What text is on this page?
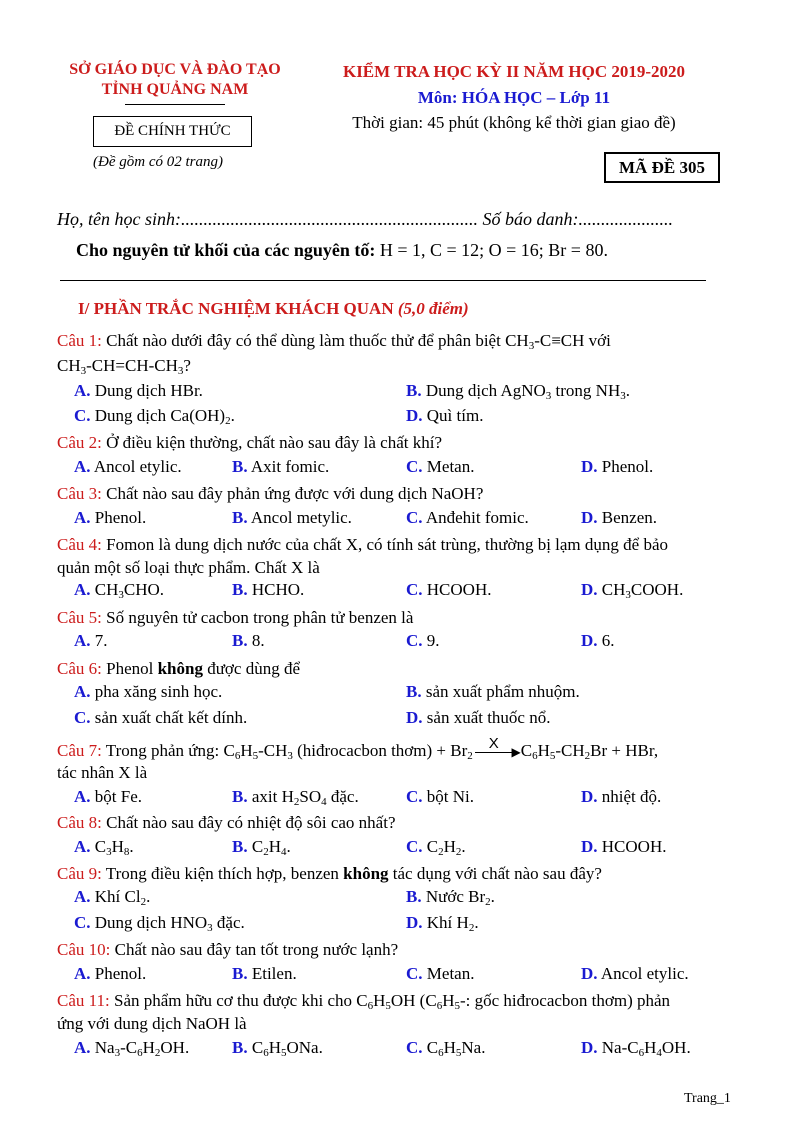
SỞ GIÁO DỤC VÀ ĐÀO TẠO
TỈNH QUẢNG NAM
ĐỀ CHÍNH THỨC
(Đề gồm có 02 trang)
KIỂM TRA HỌC KỲ II NĂM HỌC 2019-2020
Môn: HÓA HỌC – Lớp 11
Thời gian: 45 phút (không kể thời gian giao đề)
MÃ ĐỀ 305
Họ, tên học sinh:.................................................................. Số báo danh:.....................
Cho nguyên tử khối của các nguyên tố: H = 1, C = 12; O = 16; Br = 80.
I/ PHẦN TRẮC NGHIỆM KHÁCH QUAN (5,0 điểm)
Câu 1: Chất nào dưới đây có thể dùng làm thuốc thử để phân biệt $CH_3-C\equiv CH$ với
$CH_3-CH=CH-CH_3$?
A. Dung dịch HBr.	B. Dung dịch AgNO$_3$ trong $NH_3$.
C. Dung dịch $Ca(OH)_2$.	D. Quì tím.
Câu 2: Ở điều kiện thường, chất nào sau đây là chất khí?
A. Ancol etylic.	B. Axit fomic.	C. Metan.	D. Phenol.
Câu 3: Chất nào sau đây phản ứng được với dung dịch NaOH?
A. Phenol.	B. Ancol metylic.	C. Anđehit fomic.	D. Benzen.
Câu 4: Fomon là dung dịch nước của chất X, có tính sát trùng, thường bị lạm dụng để bảo
quản một số loại thực phẩm. Chất X là
A. $CH_3CHO$.	B. HCHO.	C. HCOOH.	D. $CH_3COOH$.
Câu 5: Số nguyên tử cacbon trong phân tử benzen là
A. 7.	B. 8.	C. 9.	D. 6.
Câu 6: Phenol không được dùng để
A. pha xăng sinh học.	B. sản xuất phẩm nhuộm.
C. sản xuất chất kết dính.	D. sản xuất thuốc nổ.
Câu 7: Trong phản ứng: $C_6H_5-CH_3$ (hiđrocacbon thơm) + $Br_2$
X ▶ $C_6H_5-CH_2Br$ + HBr,
tác nhân X là
A. bột Fe.	B. axit $H_2SO_4$ đặc.	C. bột Ni.	D. nhiệt độ.
Câu 8: Chất nào sau đây có nhiệt độ sôi cao nhất?
A. $C_3H_8$.	B. $C_2H_4$.	C. $C_2H_2$.	D. HCOOH.
Câu 9: Trong điều kiện thích hợp, benzen không tác dụng với chất nào sau đây?
A. Khí $Cl_2$.	B. Nước $Br_2$.
C. Dung dịch $HNO_3$ đặc.	D. Khí $H_2$.
Câu 10: Chất nào sau đây tan tốt trong nước lạnh?
A. Phenol.	B. Etilen.	C. Metan.	D. Ancol etylic.
Câu 11: Sản phẩm hữu cơ thu được khi cho $C_6H_5OH$ ($C_6H_5-$: gốc hiđrocacbon thơm) phản
ứng với dung dịch NaOH là
A. $Na_3-C_6H_2OH$.	B. $C_6H_5ONa$.	C. $C_6H_5Na$.	D. $Na-C_6H_4OH$.
Trang_1
